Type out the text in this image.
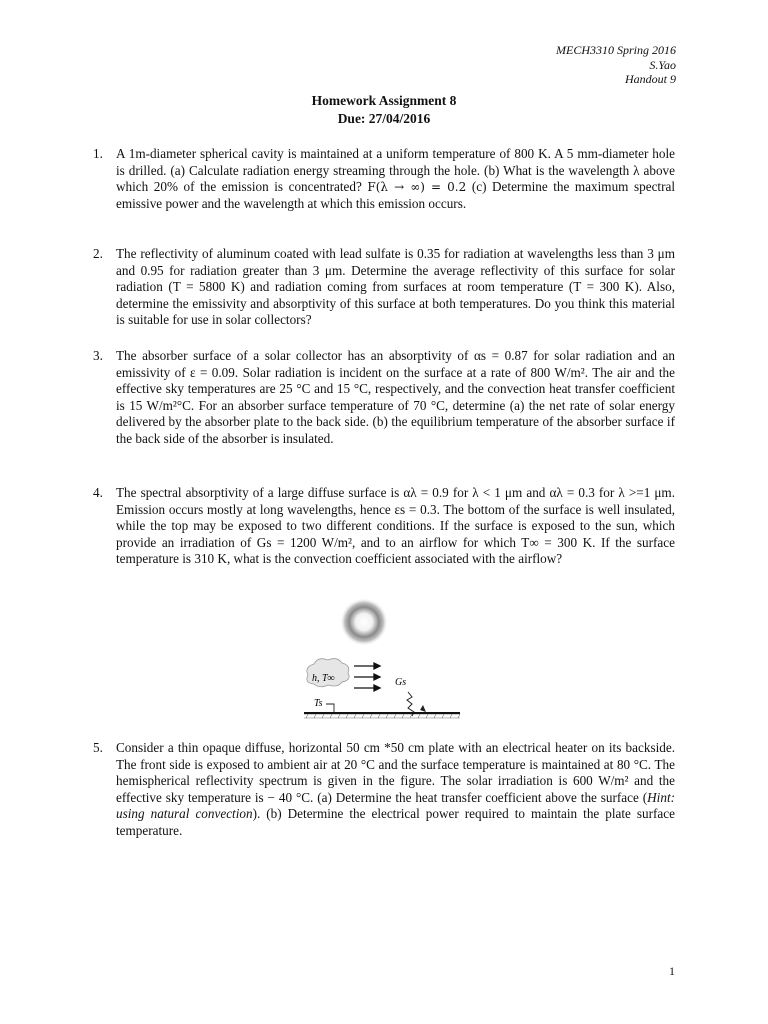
MECH3310 Spring 2016
S.Yao
Handout 9
Homework Assignment 8
Due: 27/04/2016
1. A 1m-diameter spherical cavity is maintained at a uniform temperature of 800 K. A 5 mm-diameter hole is drilled. (a) Calculate radiation energy streaming through the hole. (b) What is the wavelength λ above which 20% of the emission is concentrated? F(λ → ∞) = 0.2 (c) Determine the maximum spectral emissive power and the wavelength at which this emission occurs.
2. The reflectivity of aluminum coated with lead sulfate is 0.35 for radiation at wavelengths less than 3 μm and 0.95 for radiation greater than 3 μm. Determine the average reflectivity of this surface for solar radiation (T = 5800 K) and radiation coming from surfaces at room temperature (T = 300 K). Also, determine the emissivity and absorptivity of this surface at both temperatures. Do you think this material is suitable for use in solar collectors?
3. The absorber surface of a solar collector has an absorptivity of αs = 0.87 for solar radiation and an emissivity of ε = 0.09. Solar radiation is incident on the surface at a rate of 800 W/m². The air and the effective sky temperatures are 25 °C and 15 °C, respectively, and the convection heat transfer coefficient is 15 W/m²°C. For an absorber surface temperature of 70 °C, determine (a) the net rate of solar energy delivered by the absorber plate to the back side. (b) the equilibrium temperature of the absorber surface if the back side of the absorber is insulated.
4. The spectral absorptivity of a large diffuse surface is αλ = 0.9 for λ < 1 μm and αλ = 0.3 for λ >=1 μm. Emission occurs mostly at long wavelengths, hence εs = 0.3. The bottom of the surface is well insulated, while the top may be exposed to two different conditions. If the surface is exposed to the sun, which provide an irradiation of Gs = 1200 W/m², and to an airflow for which T∞ = 300 K. If the surface temperature is 310 K, what is the convection coefficient associated with the airflow?
h, T∞	Gs
Ts
5. Consider a thin opaque diffuse, horizontal 50 cm *50 cm plate with an electrical heater on its backside. The front side is exposed to ambient air at 20 °C and the surface temperature is maintained at 80 °C. The hemispherical reflectivity spectrum is given in the figure. The solar irradiation is 600 W/m² and the effective sky temperature is − 40 °C. (a) Determine the heat transfer coefficient above the surface (Hint: using natural convection). (b) Determine the electrical power required to maintain the plate surface temperature.
1
